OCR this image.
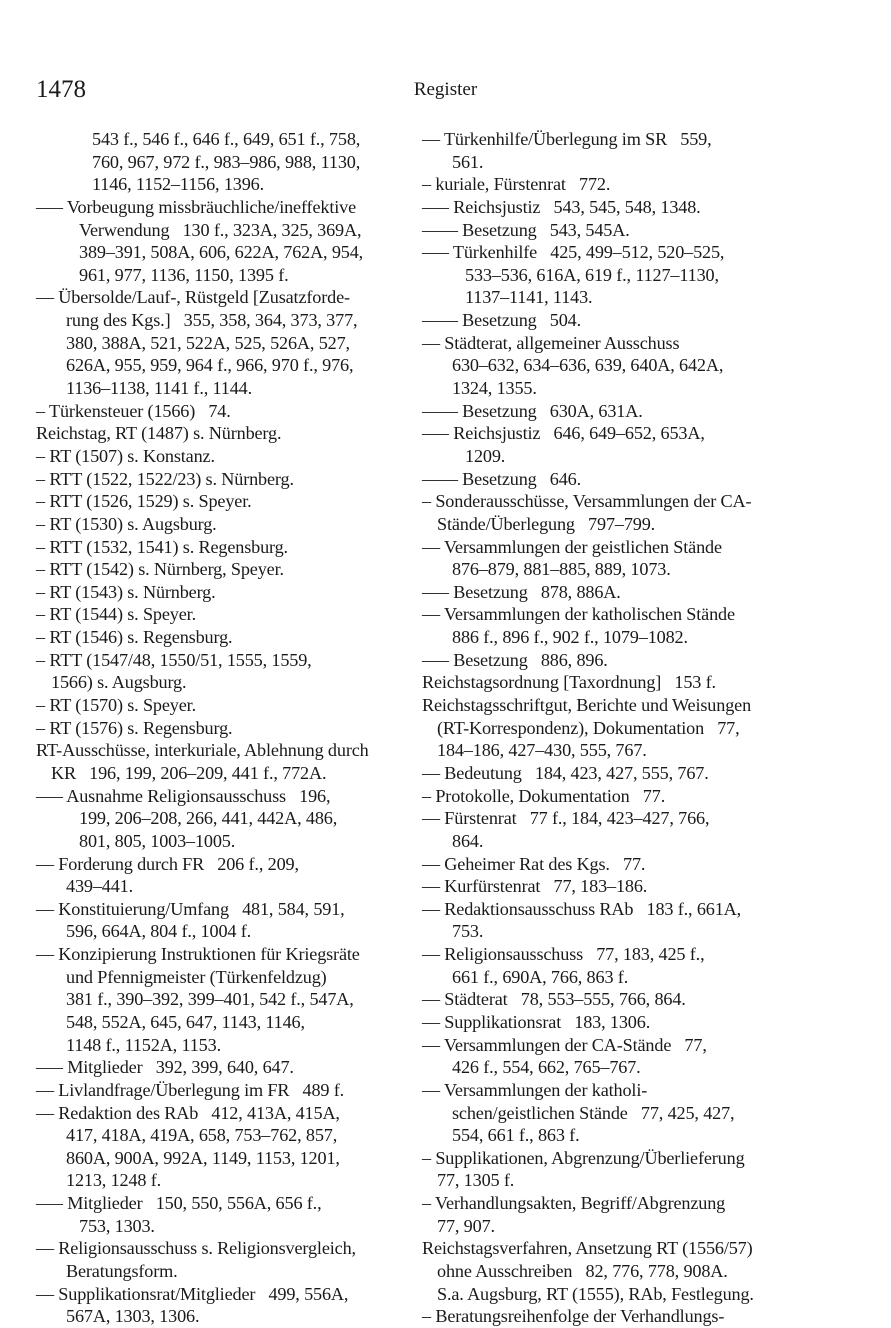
1478	Register
543 f., 546 f., 646 f., 649, 651 f., 758,
760, 967, 972 f., 983–986, 988, 1130,
1146, 1152–1156, 1396.
––– Vorbeugung missbräuchliche/ineffektive
Verwendung   130 f., 323A, 325, 369A,
389–391, 508A, 606, 622A, 762A, 954,
961, 977, 1136, 1150, 1395 f.
–– Übersolde/Lauf-, Rüstgeld [Zusatzforde-
rung des Kgs.]   355, 358, 364, 373, 377,
380, 388A, 521, 522A, 525, 526A, 527,
626A, 955, 959, 964 f., 966, 970 f., 976,
1136–1138, 1141 f., 1144.
– Türkensteuer (1566)   74.
Reichstag, RT (1487) s. Nürnberg.
– RT (1507) s. Konstanz.
– RTT (1522, 1522/23) s. Nürnberg.
– RTT (1526, 1529) s. Speyer.
– RT (1530) s. Augsburg.
– RTT (1532, 1541) s. Regensburg.
– RTT (1542) s. Nürnberg, Speyer.
– RT (1543) s. Nürnberg.
– RT (1544) s. Speyer.
– RT (1546) s. Regensburg.
– RTT (1547/48, 1550/51, 1555, 1559,
1566) s. Augsburg.
– RT (1570) s. Speyer.
– RT (1576) s. Regensburg.
RT-Ausschüsse, interkuriale, Ablehnung durch
KR   196, 199, 206–209, 441 f., 772A.
––– Ausnahme Religionsausschuss   196,
199, 206–208, 266, 441, 442A, 486,
801, 805, 1003–1005.
–– Forderung durch FR   206 f., 209,
439–441.
–– Konstituierung/Umfang   481, 584, 591,
596, 664A, 804 f., 1004 f.
–– Konzipierung Instruktionen für Kriegsräte
und Pfennigmeister (Türkenfeldzug)
381 f., 390–392, 399–401, 542 f., 547A,
548, 552A, 645, 647, 1143, 1146,
1148 f., 1152A, 1153.
––– Mitglieder   392, 399, 640, 647.
–– Livlandfrage/Überlegung im FR   489 f.
–– Redaktion des RAb   412, 413A, 415A,
417, 418A, 419A, 658, 753–762, 857,
860A, 900A, 992A, 1149, 1153, 1201,
1213, 1248 f.
––– Mitglieder   150, 550, 556A, 656 f.,
753, 1303.
–– Religionsausschuss s. Religionsvergleich,
Beratungsform.
–– Supplikationsrat/Mitglieder   499, 556A,
567A, 1303, 1306.
–– Türkenhilfe/Überlegung im SR   559,
561.
– kuriale, Fürstenrat   772.
––– Reichsjustiz   543, 545, 548, 1348.
–––– Besetzung   543, 545A.
––– Türkenhilfe   425, 499–512, 520–525,
533–536, 616A, 619 f., 1127–1130,
1137–1141, 1143.
–––– Besetzung   504.
–– Städterat, allgemeiner Ausschuss
630–632, 634–636, 639, 640A, 642A,
1324, 1355.
–––– Besetzung   630A, 631A.
––– Reichsjustiz   646, 649–652, 653A,
1209.
–––– Besetzung   646.
– Sonderausschüsse, Versammlungen der CA-
Stände/Überlegung   797–799.
–– Versammlungen der geistlichen Stände
876–879, 881–885, 889, 1073.
––– Besetzung   878, 886A.
–– Versammlungen der katholischen Stände
886 f., 896 f., 902 f., 1079–1082.
––– Besetzung   886, 896.
Reichstagsordnung [Taxordnung]   153 f.
Reichstagsschriftgut, Berichte und Weisungen
(RT-Korrespondenz), Dokumentation   77,
184–186, 427–430, 555, 767.
–– Bedeutung   184, 423, 427, 555, 767.
– Protokolle, Dokumentation   77.
–– Fürstenrat   77 f., 184, 423–427, 766,
864.
–– Geheimer Rat des Kgs.   77.
–– Kurfürstenrat   77, 183–186.
–– Redaktionsausschuss RAb   183 f., 661A,
753.
–– Religionsausschuss   77, 183, 425 f.,
661 f., 690A, 766, 863 f.
–– Städterat   78, 553–555, 766, 864.
–– Supplikationsrat   183, 1306.
–– Versammlungen der CA-Stände   77,
426 f., 554, 662, 765–767.
–– Versammlungen der katholi-
schen/geistlichen Stände   77, 425, 427,
554, 661 f., 863 f.
– Supplikationen, Abgrenzung/Überlieferung
77, 1305 f.
– Verhandlungsakten, Begriff/Abgrenzung
77, 907.
Reichstagsverfahren, Ansetzung RT (1556/57)
ohne Ausschreiben   82, 776, 778, 908A.
S.a. Augsburg, RT (1555), RAb, Festlegung.
– Beratungsreihenfolge der Verhandlungs-
